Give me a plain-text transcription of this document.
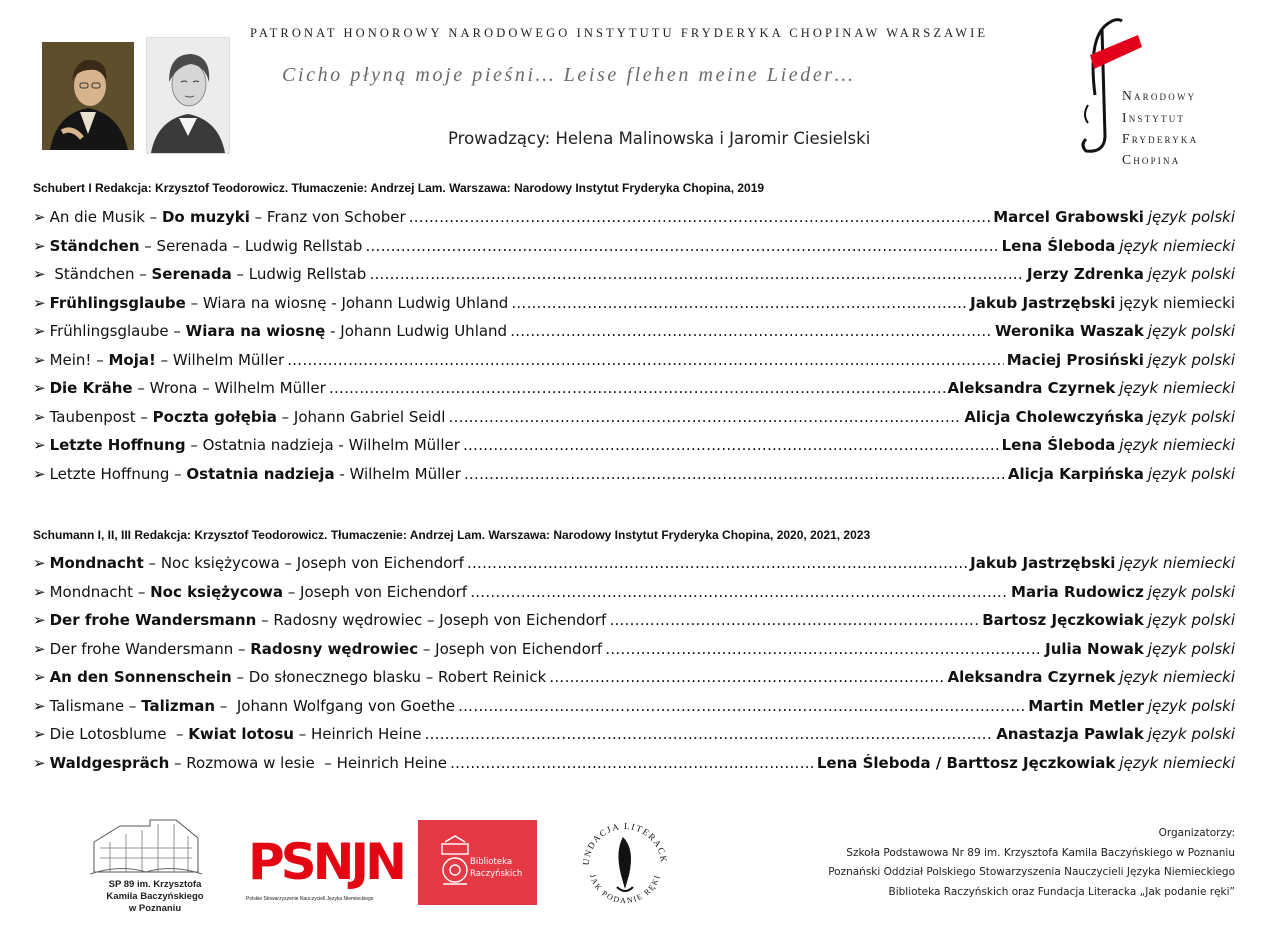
PATRONAT HONOROWY NARODOWEGO INSTYTUTU FRYDERYKA CHOPINAW WARSZAWIE
Cicho płyną moje pieśni… Leise flehen meine Lieder…
Prowadzący: Helena Malinowska i Jaromir Ciesielski
Narodowy
Instytut
Fryderyka
Chopina
Schubert I Redakcja: Krzysztof Teodorowicz. Tłumaczenie: Andrzej Lam. Warszawa: Narodowy Instytut Fryderyka Chopina, 2019
➢ An die Musik – Do muzyki – Franz von Schober ……………………………………………………………………………………………………………………………………………	Marcel Grabowski język polski
➢ Ständchen – Serenada – Ludwig Rellstab ……………………………………………………………………………………………………………………………………………	Lena Śleboda język niemiecki
➢ Ständchen – Serenada – Ludwig Rellstab ……………………………………………………………………………………………………………………………………………	Jerzy Zdrenka język polski
➢ Frühlingsglaube – Wiara na wiosnę - Johann Ludwig Uhland ……………………………………………………………………………………………………………………………………………	Jakub Jastrzębski język niemiecki
➢ Frühlingsglaube – Wiara na wiosnę - Johann Ludwig Uhland ……………………………………………………………………………………………………………………………………………	Weronika Waszak język polski
➢ Mein! – Moja! – Wilhelm Müller ……………………………………………………………………………………………………………………………………………	Maciej Prosiński język polski
➢ Die Krähe – Wrona – Wilhelm Müller ……………………………………………………………………………………………………………………………………………	Aleksandra Czyrnek język niemiecki
➢ Taubenpost – Poczta gołębia – Johann Gabriel Seidl ……………………………………………………………………………………………………………………………………………	Alicja Cholewczyńska język polski
➢ Letzte Hoffnung – Ostatnia nadzieja - Wilhelm Müller ……………………………………………………………………………………………………………………………………………	Lena Śleboda język niemiecki
➢ Letzte Hoffnung – Ostatnia nadzieja - Wilhelm Müller ……………………………………………………………………………………………………………………………………………	Alicja Karpińska język polski
Schumann I, II, III Redakcja: Krzysztof Teodorowicz. Tłumaczenie: Andrzej Lam. Warszawa: Narodowy Instytut Fryderyka Chopina, 2020, 2021, 2023
➢ Mondnacht – Noc księżycowa – Joseph von Eichendorf ……………………………………………………………………………………………………………………………………………	Jakub Jastrzębski język niemiecki
➢ Mondnacht – Noc księżycowa – Joseph von Eichendorf ……………………………………………………………………………………………………………………………………………	Maria Rudowicz język polski
➢ Der frohe Wandersmann – Radosny wędrowiec – Joseph von Eichendorf ……………………………………………………………………………………………………………………………………………	Bartosz Jęczkowiak język polski
➢ Der frohe Wandersmann – Radosny wędrowiec – Joseph von Eichendorf ……………………………………………………………………………………………………………………………………………	Julia Nowak język polski
➢ An den Sonnenschein – Do słonecznego blasku – Robert Reinick ……………………………………………………………………………………………………………………………………………	Aleksandra Czyrnek język niemiecki
➢ Talismane – Talizman –  Johann Wolfgang von Goethe ……………………………………………………………………………………………………………………………………………	Martin Metler język polski
➢ Die Lotosblume  – Kwiat lotosu – Heinrich Heine ……………………………………………………………………………………………………………………………………………	Anastazja Pawlak język polski
➢ Waldgespräch – Rozmowa w lesie  – Heinrich Heine ……………………………………………………………………………………………………………………………………………	Lena Śleboda / Barttosz Jęczkowiak język niemiecki
SP 89 im. Krzysztofa
Kamila Baczyńskiego
w Poznaniu
PSNJN
Polskie Stowarzyszenie Nauczycieli Języka Niemieckiego
Biblioteka
Raczyńskich
UNDACJA LITERACK
JAK PODANIE RĘKI
Organizatorzy:
Szkoła Podstawowa Nr 89 im. Krzysztofa Kamila Baczyńskiego w Poznaniu
Poznański Oddział Polskiego Stowarzyszenia Nauczycieli Języka Niemieckiego
Biblioteka Raczyńskich oraz Fundacja Literacka „Jak podanie ręki”
